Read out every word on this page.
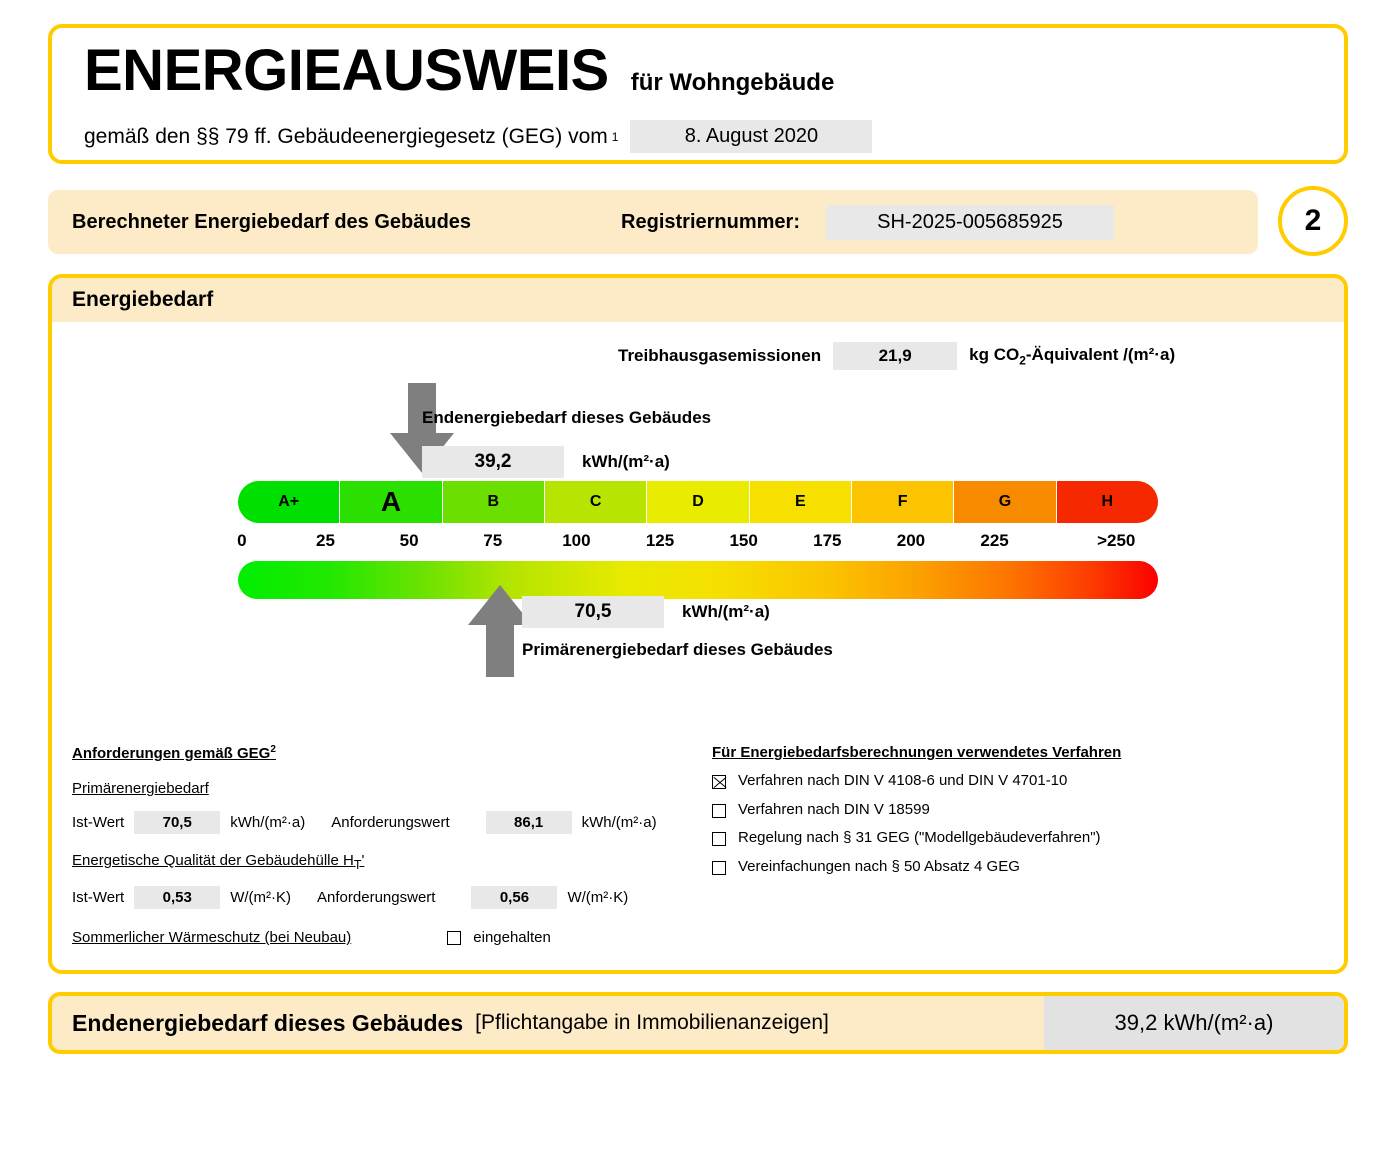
ENERGIEAUSWEIS für Wohngebäude
gemäß den §§ 79 ff. Gebäudeenergiegesetz (GEG) vom 1	8. August 2020
Berechneter Energiebedarf des Gebäudes	Registriernummer:	SH-2025-005685925	2
Energiebedarf
Treibhausgasemissionen	21,9	kg $CO_2$-Äquivalent /(m²·a)
Endenergiebedarf dieses Gebäudes
39,2	kWh/(m²·a)
A+	A	B	C	D	E	F	G	H
0	25	50	75	100	125	150	175	200	225	>250
70,5	kWh/(m²·a)
Primärenergiebedarf dieses Gebäudes
Anforderungen gemäß GEG$^2$
Primärenergiebedarf
Ist-Wert	70,5	kWh/(m²·a) Anforderungswert	86,1	kWh/(m²·a)
Energetische Qualität der Gebäudehülle $H_T'$
Ist-Wert	0,53	W/(m²·K) Anforderungswert	0,56	W/(m²·K)
Sommerlicher Wärmeschutz (bei Neubau)	eingehalten
Für Energiebedarfsberechnungen verwendetes Verfahren
Verfahren nach DIN V 4108-6 und DIN V 4701-10
Verfahren nach DIN V 18599
Regelung nach § 31 GEG ("Modellgebäudeverfahren")
Vereinfachungen nach § 50 Absatz 4 GEG
Endenergiebedarf dieses Gebäudes [Pflichtangabe in Immobilienanzeigen]	39,2 kWh/(m²·a)
